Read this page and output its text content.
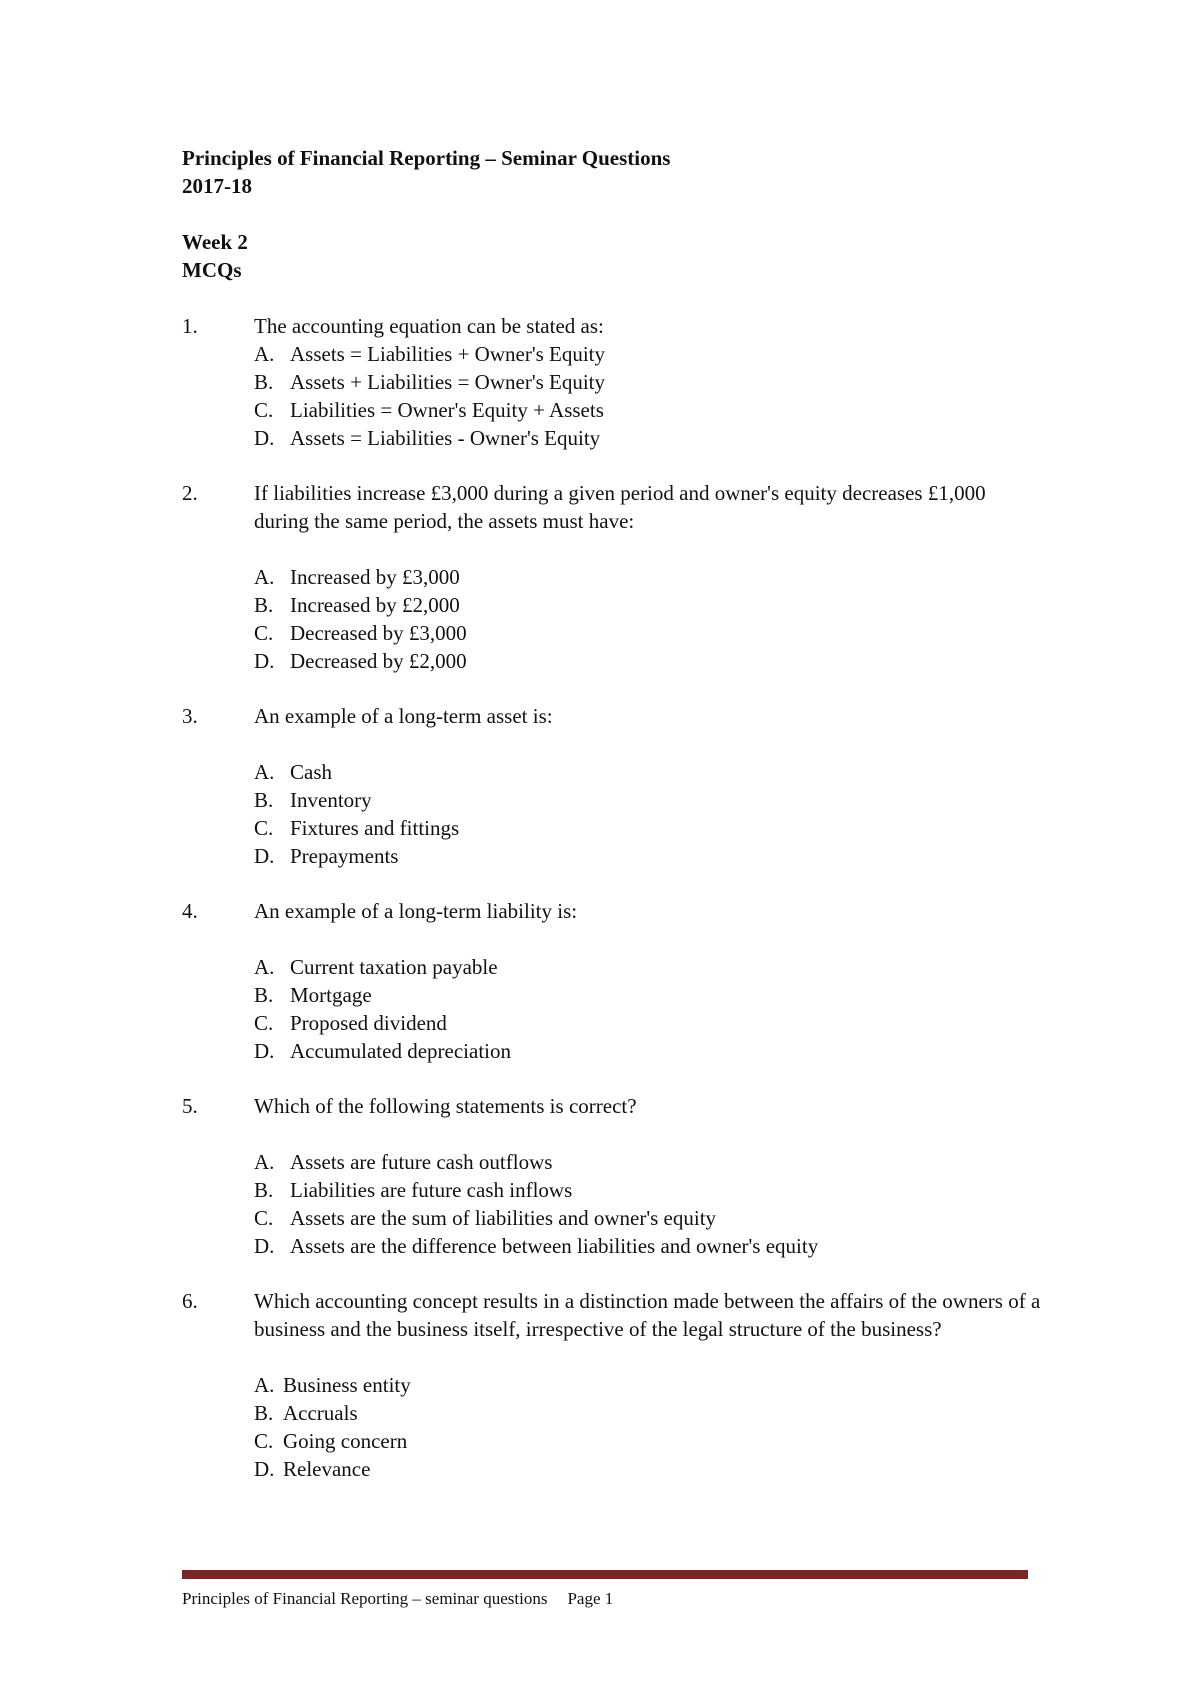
Principles of Financial Reporting – Seminar Questions
2017-18
Week 2
MCQs
1.	The accounting equation can be stated as:

A. Assets = Liabilities + Owner's Equity
B. Assets + Liabilities = Owner's Equity
C. Liabilities = Owner's Equity + Assets
D. Assets = Liabilities - Owner's Equity
2.	If liabilities increase £3,000 during a given period and owner's equity decreases £1,000 during the same period, the assets must have:

A. Increased by £3,000
B. Increased by £2,000
C. Decreased by £3,000
D. Decreased by £2,000
3.	An example of a long-term asset is:

A. Cash
B. Inventory
C. Fixtures and fittings
D. Prepayments
4.	An example of a long-term liability is:

A. Current taxation payable
B. Mortgage
C. Proposed dividend
D. Accumulated depreciation
5.	Which of the following statements is correct?

A. Assets are future cash outflows
B. Liabilities are future cash inflows
C. Assets are the sum of liabilities and owner's equity
D. Assets are the difference between liabilities and owner's equity
6.	Which accounting concept results in a distinction made between the affairs of the owners of a business and the business itself, irrespective of the legal structure of the business?

A. Business entity
B. Accruals
C. Going concern
D. Relevance
Principles of Financial Reporting – seminar questions Page 1
